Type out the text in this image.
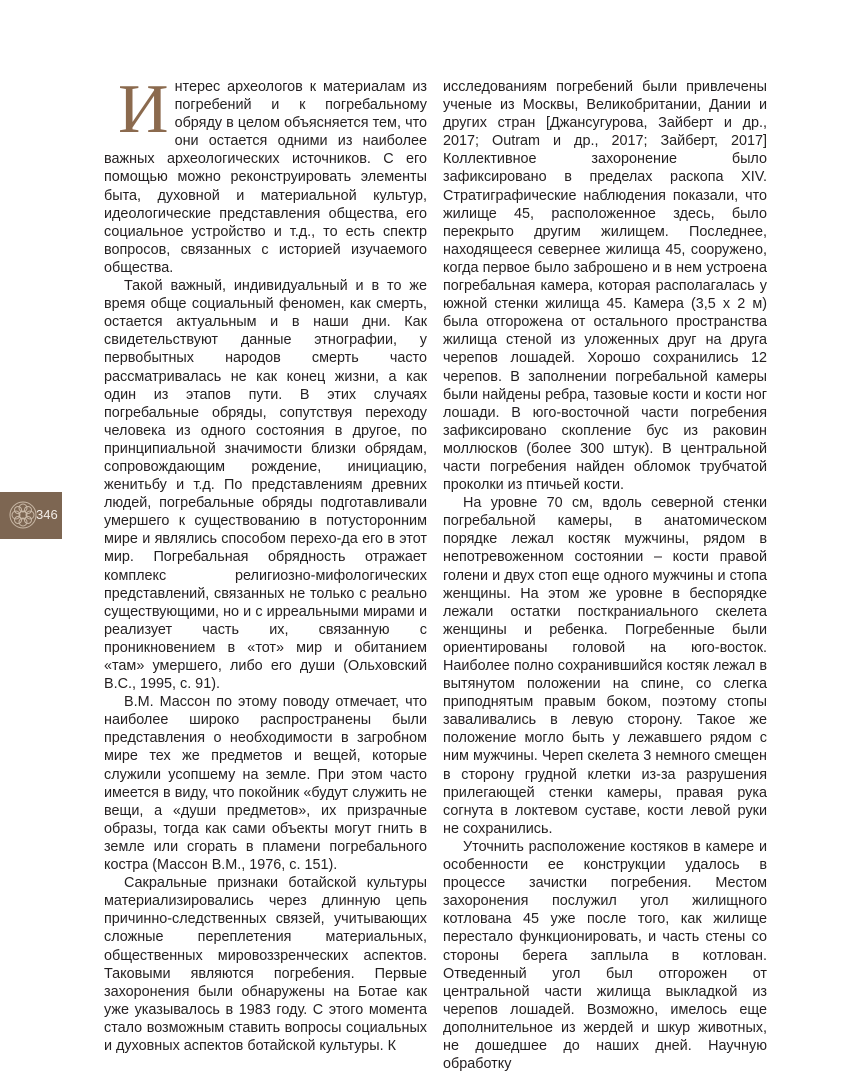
Интерес археологов к материалам из погребений и к погребальному обряду в целом объясняется тем, что они остается одними из наиболее важных археологических источников. С его помощью можно реконструировать элементы быта, духовной и материальной культур, идеологические представления общества, его социальное устройство и т.д., то есть спектр вопросов, связанных с историей изучаемого общества.

Такой важный, индивидуальный и в то же время обще социальный феномен, как смерть, остается актуальным и в наши дни. Как свидетельствуют данные этнографии, у первобытных народов смерть часто рассматривалась не как конец жизни, а как один из этапов пути. В этих случаях погребальные обряды, сопутствуя переходу человека из одного состояния в другое, по принципиальной значимости близки обрядам, сопровождающим рождение, инициацию, женитьбу и т.д. По представлениям древних людей, погребальные обряды подготавливали умершего к существованию в потусторонним мире и являлись способом перехо-да его в этот мир. Погребальная обрядность отражает комплекс религиозно-мифологических представлений, связанных не только с реально существующими, но и с ирреальными мирами и реализует часть их, связанную с проникновением в «тот» мир и обитанием «там» умершего, либо его души (Ольховский В.С., 1995, с. 91).

В.М. Массон по этому поводу отмечает, что наиболее широко распространены были представления о необходимости в загробном мире тех же предметов и вещей, которые служили усопшему на земле. При этом часто имеется в виду, что покойник «будут служить не вещи, а «души предметов», их призрачные образы, тогда как сами объекты могут гнить в земле или сгорать в пламени погребального костра (Массон В.М., 1976, с. 151).

Сакральные признаки ботайской культуры материализировались через длинную цепь причинно-следственных связей, учитывающих сложные переплетения материальных, общественных мировоззренческих аспектов. Таковыми являются погребения. Первые захоронения были обнаружены на Ботае как уже указывалось в 1983 году. С этого момента стало возможным ставить вопросы социальных и духовных аспектов ботайской культуры. К

исследованиям погребений были привлечены ученые из Москвы, Великобритании, Дании и других стран [Джансугурова, Зайберт и др., 2017; Outram и др., 2017; Зайберт, 2017] Коллективное захоронение было зафиксировано в пределах раскопа XIV. Стратиграфические наблюдения показали, что жилище 45, расположенное здесь, было перекрыто другим жилищем. Последнее, находящееся севернее жилища 45, сооружено, когда первое было заброшено и в нем устроена погребальная камера, которая располагалась у южной стенки жилища 45. Камера (3,5 х 2 м) была отгорожена от остального пространства жилища стеной из уложенных друг на друга черепов лошадей. Хорошо сохранились 12 черепов. В заполнении погребальной камеры были найдены ребра, тазовые кости и кости ног лошади. В юго-восточной части погребения зафиксировано скопление бус из раковин моллюсков (более 300 штук). В центральной части погребения найден обломок трубчатой проколки из птичьей кости.

На уровне 70 см, вдоль северной стенки погребальной камеры, в анатомическом порядке лежал костяк мужчины, рядом в непотревоженном состоянии – кости правой голени и двух стоп еще одного мужчины и стопа женщины. На этом же уровне в беспорядке лежали остатки посткраниального скелета женщины и ребенка. Погребенные были ориентированы головой на юго-восток. Наиболее полно сохранившийся костяк лежал в вытянутом положении на спине, со слегка приподнятым правым боком, поэтому стопы заваливались в левую сторону. Такое же положение могло быть у лежавшего рядом с ним мужчины. Череп скелета 3 немного смещен в сторону грудной клетки из-за разрушения прилегающей стенки камеры, правая рука согнута в локтевом суставе, кости левой руки не сохранились.

Уточнить расположение костяков в камере и особенности ее конструкции удалось в процессе зачистки погребения. Местом захоронения послужил угол жилищного котлована 45 уже после того, как жилище перестало функционировать, и часть стены со стороны берега заплыла в котлован. Отведенный угол был отгорожен от центральной части жилища выкладкой из черепов лошадей. Возможно, имелось еще дополнительное из жердей и шкур животных, не дошедшее до наших дней. Научную обработку

346
